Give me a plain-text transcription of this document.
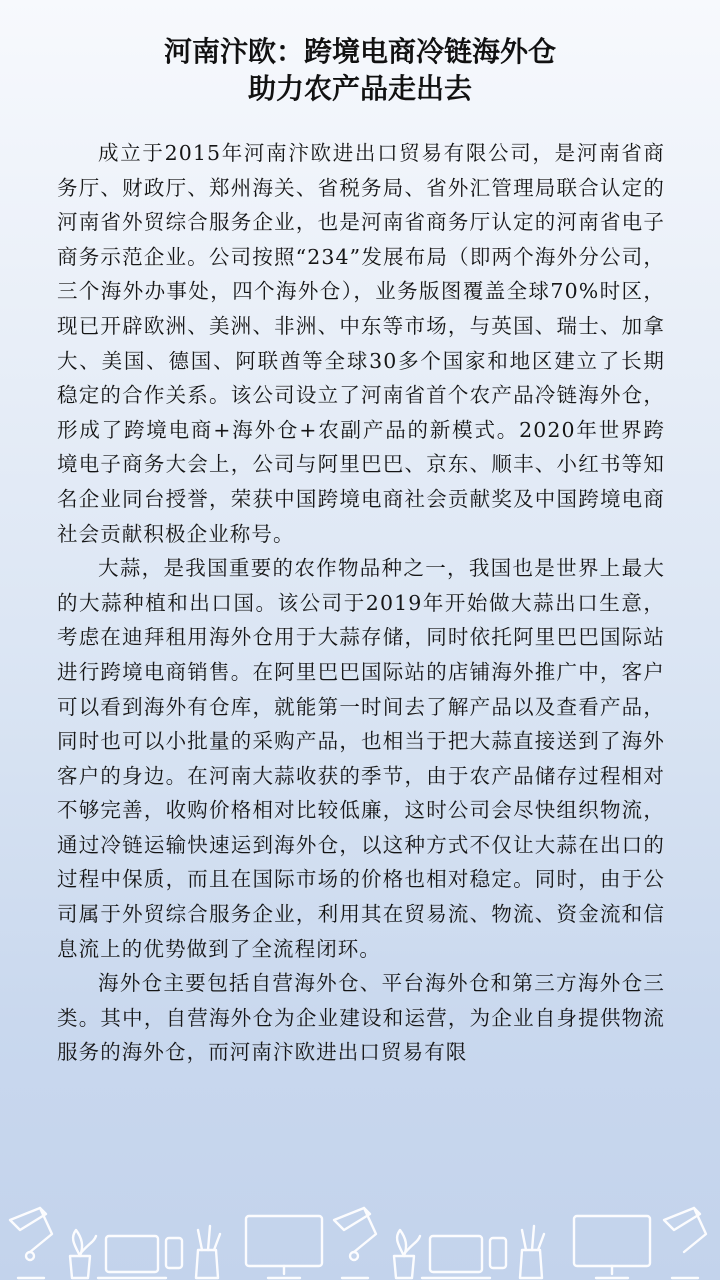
河南汴欧：跨境电商冷链海外仓
助力农产品走出去

成立于2015年河南汴欧进出口贸易有限公司，是河南省商务厅、财政厅、郑州海关、省税务局、省外汇管理局联合认定的河南省外贸综合服务企业，也是河南省商务厅认定的河南省电子商务示范企业。公司按照“234”发展布局（即两个海外分公司，三个海外办事处，四个海外仓），业务版图覆盖全球70%时区，现已开辟欧洲、美洲、非洲、中东等市场，与英国、瑞士、加拿大、美国、德国、阿联酋等全球30多个国家和地区建立了长期稳定的合作关系。该公司设立了河南省首个农产品冷链海外仓，形成了跨境电商+海外仓+农副产品的新模式。2020年世界跨境电子商务大会上，公司与阿里巴巴、京东、顺丰、小红书等知名企业同台授誉，荣获中国跨境电商社会贡献奖及中国跨境电商社会贡献积极企业称号。

大蒜，是我国重要的农作物品种之一，我国也是世界上最大的大蒜种植和出口国。该公司于2019年开始做大蒜出口生意，考虑在迪拜租用海外仓用于大蒜存储，同时依托阿里巴巴国际站进行跨境电商销售。在阿里巴巴国际站的店铺海外推广中，客户可以看到海外有仓库，就能第一时间去了解产品以及查看产品，同时也可以小批量的采购产品，也相当于把大蒜直接送到了海外客户的身边。在河南大蒜收获的季节，由于农产品储存过程相对不够完善，收购价格相对比较低廉，这时公司会尽快组织物流，通过冷链运输快速运到海外仓，以这种方式不仅让大蒜在出口的过程中保质，而且在国际市场的价格也相对稳定。同时，由于公司属于外贸综合服务企业，利用其在贸易流、物流、资金流和信息流上的优势做到了全流程闭环。

海外仓主要包括自营海外仓、平台海外仓和第三方海外仓三类。其中，自营海外仓为企业建设和运营，为企业自身提供物流服务的海外仓，而河南汴欧进出口贸易有限
